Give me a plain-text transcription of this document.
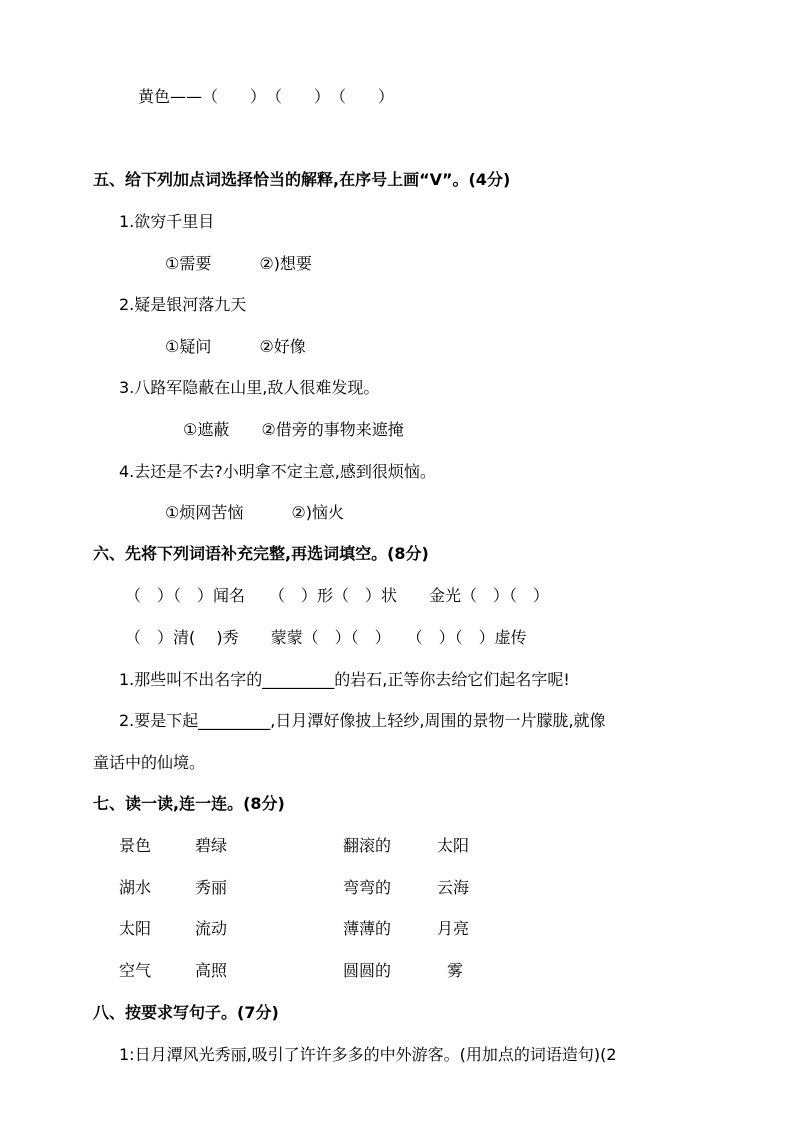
黄色——（　　）　（　　）　（　　）
五、给下列加点词选择恰当的解释,在序号上画“V”。(4分)
1.欲穷千里目
①需要　　　②)想要
2.疑是银河落九天
①疑问　　　②好像
3.八路军隐蔽在山里,敌人很难发现。
①遮蔽　　②借旁的事物来遮掩
4.去还是不去?小明拿不定主意,感到很烦恼。
①烦网苦恼　　　②)恼火
六、先将下列词语补充完整,再选词填空。(8分)
（　）（　）闻名　　（　）形（　）状　　金光（　）（　）
（　）清(　 )秀　　蒙蒙（　）（　）　　（　）（　）虚传
1.那些叫不出名字的_________的岩石,正等你去给它们起名字呢!
2.要是下起_________,日月潭好像披上轻纱,周围的景物一片朦胧,就像
童话中的仙境。
七、读一读,连一连。(8分)
景色	碧绿	翻滚的	太阳
湖水	秀丽	弯弯的	云海
太阳	流动	薄薄的	月亮
空气	高照	圆圆的	雾
八、按要求写句子。(7分)
1:日月潭风光秀丽,吸引了许许多多的中外游客。(用加点的词语造句)(2
